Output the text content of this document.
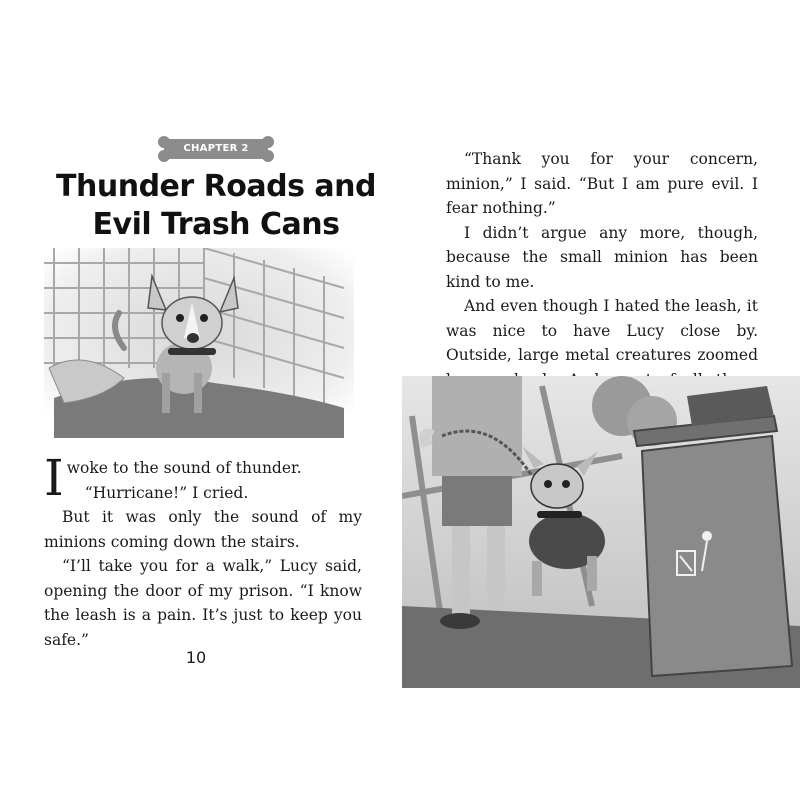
CHAPTER 2
Thunder Roads and
Evil Trash Cans

I woke to the sound of thunder.

“Hurricane!” I cried.

But it was only the sound of my minions coming down the stairs.

“I’ll take you for a walk,” Lucy said, opening the door of my prison. “I know the leash is a pain. It’s just to keep you safe.”

10

“Thank you for your concern, minion,” I said. “But I am pure evil. I fear nothing.”

I didn’t argue any more, though, because the small minion has been kind to me.

And even though I hated the leash, it was nice to have Lucy close by. Outside, large metal creatures zoomed
